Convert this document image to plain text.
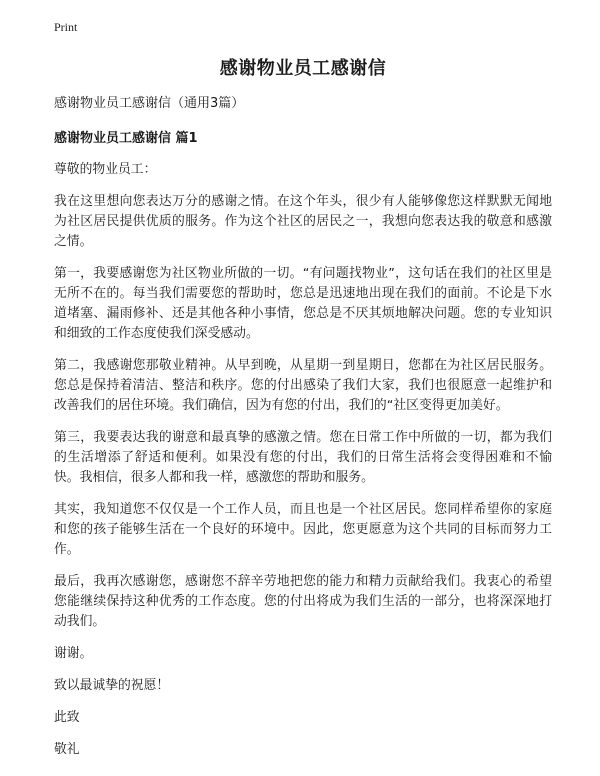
Print
感谢物业员工感谢信
感谢物业员工感谢信（通用3篇）
感谢物业员工感谢信 篇1

尊敬的物业员工：

我在这里想向您表达万分的感谢之情。在这个年头，很少有人能够像您这样默默无闻地为社区居民提供优质的服务。作为这个社区的居民之一，我想向您表达我的敬意和感激之情。

第一，我要感谢您为社区物业所做的一切。“有问题找物业”，这句话在我们的社区里是无所不在的。每当我们需要您的帮助时，您总是迅速地出现在我们的面前。不论是下水道堵塞、漏雨修补、还是其他各种小事情，您总是不厌其烦地解决问题。您的专业知识和细致的工作态度使我们深受感动。

第二，我感谢您那敬业精神。从早到晚，从星期一到星期日，您都在为社区居民服务。您总是保持着清洁、整洁和秩序。您的付出感染了我们大家，我们也很愿意一起维护和改善我们的居住环境。我们确信，因为有您的付出，我们的“社区变得更加美好。

第三，我要表达我的谢意和最真挚的感激之情。您在日常工作中所做的一切，都为我们的生活增添了舒适和便利。如果没有您的付出，我们的日常生活将会变得困难和不愉快。我相信，很多人都和我一样，感激您的帮助和服务。

其实，我知道您不仅仅是一个工作人员，而且也是一个社区居民。您同样希望你的家庭和您的孩子能够生活在一个良好的环境中。因此，您更愿意为这个共同的目标而努力工作。

最后，我再次感谢您，感谢您不辞辛劳地把您的能力和精力贡献给我们。我衷心的希望您能继续保持这种优秀的工作态度。您的付出将成为我们生活的一部分，也将深深地打动我们。

谢谢。

致以最诚挚的祝愿！

此致

敬礼
